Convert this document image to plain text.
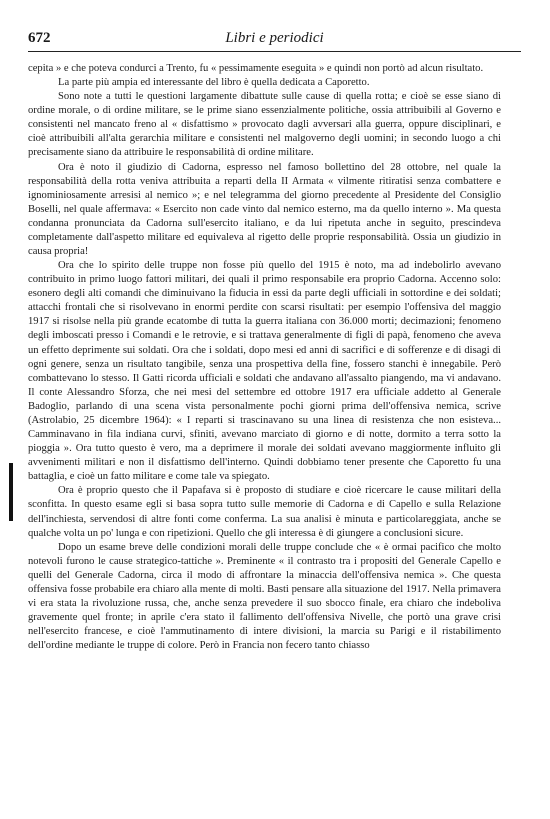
672	Libri e periodici

cepita » e che poteva condurci a Trento, fu « pessimamente eseguita » e quindi non portò ad alcun risultato.

La parte più ampia ed interessante del libro è quella dedicata a Caporetto.

Sono note a tutti le questioni largamente dibattute sulle cause di quella rotta; e cioè se esse siano di ordine morale, o di ordine militare, se le prime siano essenzialmente politiche, ossia attribuibili al Governo e consistenti nel mancato freno al « disfattismo » provocato dagli avversari alla guerra, oppure disciplinari, e cioè attribuibili all'alta gerarchia militare e consistenti nel malgoverno degli uomini; in secondo luogo a chi precisamente siano da attribuire le responsabilità di ordine militare.

Ora è noto il giudizio di Cadorna, espresso nel famoso bollettino del 28 ottobre, nel quale la responsabilità della rotta veniva attribuita a reparti della II Armata « vilmente ritiratisi senza combattere e ignominiosamente arresisi al nemico »; e nel telegramma del giorno precedente al Presidente del Consiglio Boselli, nel quale affermava: « Esercito non cade vinto dal nemico esterno, ma da quello interno ». Ma questa condanna pronunciata da Cadorna sull'esercito italiano, e da lui ripetuta anche in seguito, prescindeva completamente dall'aspetto militare ed equivaleva al rigetto delle proprie responsabilità. Ossia un giudizio in causa propria!

Ora che lo spirito delle truppe non fosse più quello del 1915 è noto, ma ad indebolirlo avevano contribuito in primo luogo fattori militari, dei quali il primo responsabile era proprio Cadorna. Accenno solo: esonero degli alti comandi che diminuivano la fiducia in essi da parte degli ufficiali in sottordine e dei soldati; attacchi frontali che si risolvevano in enormi perdite con scarsi risultati: per esempio l'offensiva del maggio 1917 si risolse nella più grande ecatombe di tutta la guerra italiana con 36.000 morti; decimazioni; fenomeno degli imboscati presso i Comandi e le retrovie, e si trattava generalmente di figli di papà, fenomeno che aveva un effetto deprimente sui soldati. Ora che i soldati, dopo mesi ed anni di sacrifici e di sofferenze e di disagi di ogni genere, senza un risultato tangibile, senza una prospettiva della fine, fossero stanchi è innegabile. Però combattevano lo stesso. Il Gatti ricorda ufficiali e soldati che andavano all'assalto piangendo, ma vi andavano. Il conte Alessandro Sforza, che nei mesi del settembre ed ottobre 1917 era ufficiale addetto al Generale Badoglio, parlando di una scena vista personalmente pochi giorni prima dell'offensiva nemica, scrive (Astrolabio, 25 dicembre 1964): « I reparti si trascinavano su una linea di resistenza che non esisteva... Camminavano in fila indiana curvi, sfiniti, avevano marciato di giorno e di notte, dormito a terra sotto la pioggia ». Ora tutto questo è vero, ma a deprimere il morale dei soldati avevano maggiormente influito gli avvenimenti militari e non il disfattismo dell'interno. Quindi dobbiamo tener presente che Caporetto fu una battaglia, e cioè un fatto militare e come tale va spiegato.

Ora è proprio questo che il Papafava si è proposto di studiare e cioè ricercare le cause militari della sconfitta. In questo esame egli si basa sopra tutto sulle memorie di Cadorna e di Capello e sulla Relazione dell'inchiesta, servendosi di altre fonti come conferma. La sua analisi è minuta e particolareggiata, anche se qualche volta un po' lunga e con ripetizioni. Quello che gli interessa è di giungere a conclusioni sicure.

Dopo un esame breve delle condizioni morali delle truppe conclude che « è ormai pacifico che molto notevoli furono le cause strategico-tattiche ». Preminente « il contrasto tra i propositi del Generale Capello e quelli del Generale Cadorna, circa il modo di affrontare la minaccia dell'offensiva nemica ». Che questa offensiva fosse probabile era chiaro alla mente di molti. Basti pensare alla situazione del 1917. Nella primavera vi era stata la rivoluzione russa, che, anche senza prevedere il suo sbocco finale, era chiaro che indeboliva gravemente quel fronte; in aprile c'era stato il fallimento dell'offensiva Nivelle, che portò una grave crisi nell'esercito francese, e cioè l'ammutinamento di intere divisioni, la marcia su Parigi e il ristabilimento dell'ordine mediante le truppe di colore. Però in Francia non fecero tanto chiasso
